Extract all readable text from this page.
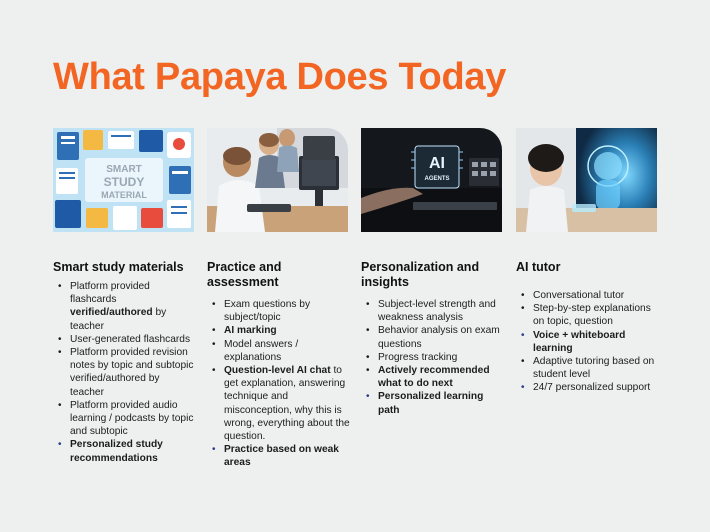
What Papaya Does Today
SMART
STUDY
MATERIAL
Smart study materials
• Platform provided flashcards verified/authored by teacher
• User-generated flashcards
• Platform provided revision notes by topic and subtopic verified/authored by teacher
• Platform provided audio learning / podcasts by topic and subtopic
• Personalized study recommendations
Practice and assessment
• Exam questions by subject/topic
• AI marking
• Model answers / explanations
• Question-level AI chat to get explanation, answering technique and misconception, why this is wrong, everything about the question.
• Practice based on weak areas
AI
AGENTS
Personalization and insights
• Subject-level strength and weakness analysis
• Behavior analysis on exam questions
• Progress tracking
• Actively recommended what to do next
• Personalized learning path
AI tutor
• Conversational tutor
• Step-by-step explanations on topic, question
• Voice + whiteboard learning
• Adaptive tutoring based on student level
• 24/7 personalized support
